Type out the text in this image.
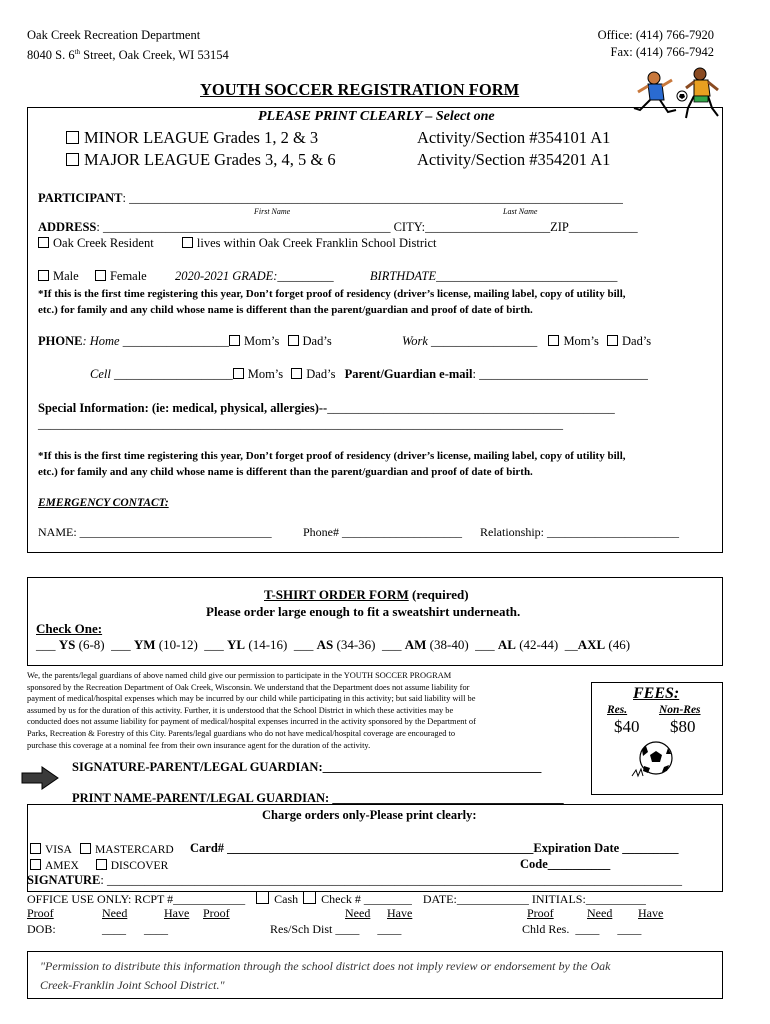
Oak Creek Recreation Department
8040 S. 6th Street, Oak Creek, WI 53154
Office: (414) 766-7920
Fax: (414) 766-7942
YOUTH SOCCER REGISTRATION FORM
PLEASE PRINT CLEARLY – Select one
MINOR LEAGUE Grades 1, 2 & 3
MAJOR LEAGUE Grades 3, 4, 5 & 6
Activity/Section #354101 A1
Activity/Section #354201 A1
PARTICIPANT: _______________________________________________________________________________
First Name	Last Name
ADDRESS: ______________________________________________ CITY:____________________ZIP___________
Oak Creek Resident	lives within Oak Creek Franklin School District
Male	Female 2020-2021 GRADE:_________	BIRTHDATE_____________________________
*If this is the first time registering this year, Don’t forget proof of residency (driver’s license, mailing label, copy of utility bill,
etc.) for family and any child whose name is different than the parent/guardian and proof of date of birth.
PHONE: Home _________________ Mom’s Dad’s	Work _________________ Mom’s Dad’s
Cell ___________________ Mom’s Dad’s Parent/Guardian e-mail: ___________________________
Special Information: (ie: medical, physical, allergies)--______________________________________________
____________________________________________________________________________________
*If this is the first time registering this year, Don’t forget proof of residency (driver’s license, mailing label, copy of utility bill,
etc.) for family and any child whose name is different than the parent/guardian and proof of date of birth.
EMERGENCY CONTACT:
NAME: ________________________________	Phone# ____________________ Relationship: ______________________
T-SHIRT ORDER FORM (required)
Please order large enough to fit a sweatshirt underneath.
Check One:
___ YS (6-8) ___ YM (10-12) ___ YL (14-16) ___ AS (34-36) ___ AM (38-40) ___ AL (42-44) __AXL (46)
We, the parents/legal guardians of above named child give our permission to participate in the YOUTH SOCCER PROGRAM
sponsored by the Recreation Department of Oak Creek, Wisconsin. We understand that the Department does not assume liability for
payment of medical/hospital expenses which may be incurred by our child while participating in this activity; but said liability will be
assumed by us for the duration of this activity. Further, it is understood that the School District in which these activities may be
conducted does not assume liability for payment of medical/hospital expenses incurred in the activity sponsored by the Department of
Parks, Recreation & Forestry of this City. Parents/legal guardians who do not have medical/hospital coverage are encouraged to
purchase this coverage at a nominal fee from their own insurance agent for the duration of the activity.
FEES:
Res.	Non-Res
$40 $80
SIGNATURE-PARENT/LEGAL GUARDIAN:___________________________________
PRINT NAME-PARENT/LEGAL GUARDIAN: _____________________________________
Charge orders only-Please print clearly:
VISA MASTERCARD Card# _________________________________________________Expiration Date _________
AMEX	DISCOVER	Code__________
SIGNATURE: ____________________________________________________________________________________________
OFFICE USE ONLY: RCPT #____________ Cash Check # ________ DATE:____________ INITIALS:__________
Proof	Need	Have Proof	Need Have	Proof	Need Have
DOB:	____      ____	Res/Sch Dist ____      ____	Chld Res.  ____      ____
"Permission to distribute this information through the school district does not imply review or endorsement by the Oak
Creek-Franklin Joint School District."
